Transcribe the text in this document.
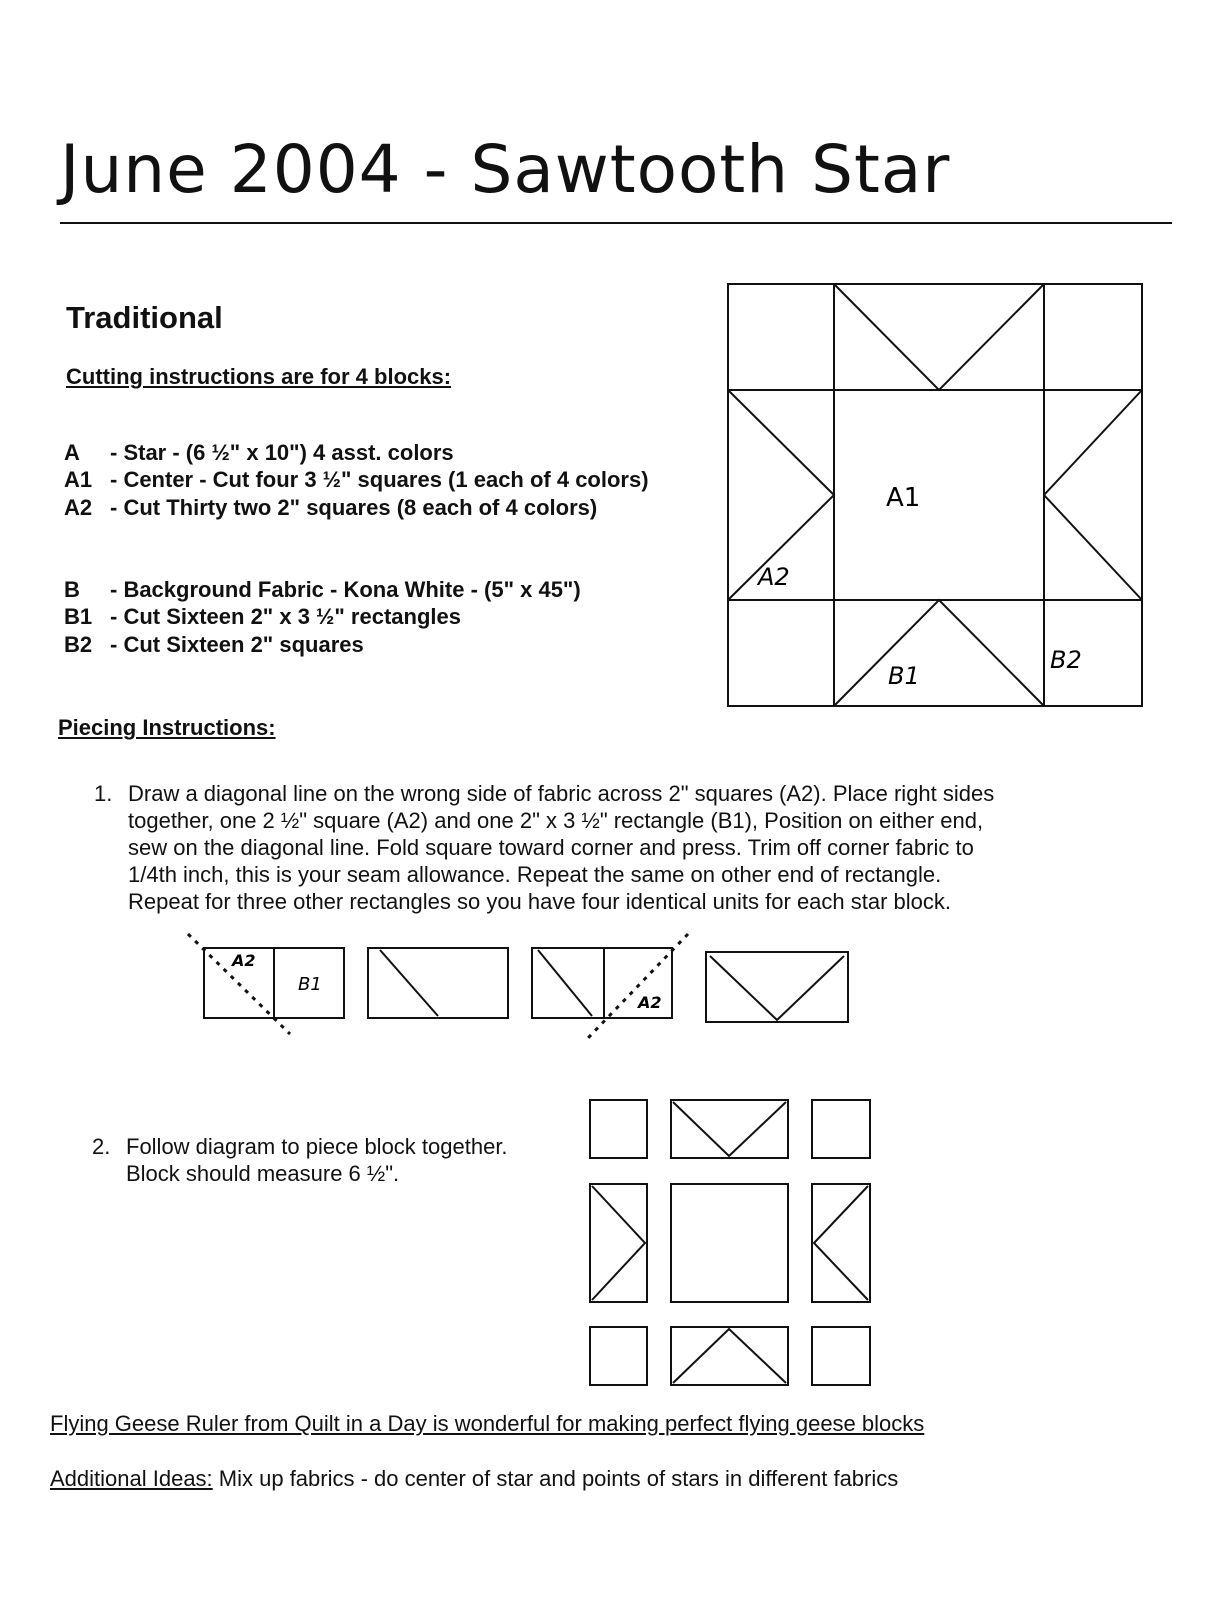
June 2004 - Sawtooth Star
Traditional
Cutting instructions are for 4 blocks:
A - Star - (6 ½" x 10") 4 asst. colors
A1 - Center - Cut four 3 ½" squares (1 each of 4 colors)
A2 - Cut Thirty two 2" squares (8 each of 4 colors)
B - Background Fabric - Kona White - (5" x 45")
B1 - Cut Sixteen 2" x 3 ½" rectangles
B2 - Cut Sixteen 2" squares
A1
A2
B1
B2
Piecing Instructions:
1. Draw a diagonal line on the wrong side of fabric across 2" squares (A2). Place right sides
together, one 2 ½" square (A2) and one 2" x 3 ½" rectangle (B1), Position on either end,
sew on the diagonal line. Fold square toward corner and press. Trim off corner fabric to
1/4th inch, this is your seam allowance. Repeat the same on other end of rectangle.
Repeat for three other rectangles so you have four identical units for each star block.
A2
B1
A2
2. Follow diagram to piece block together.
Block should measure 6 ½".
Flying Geese Ruler from Quilt in a Day is wonderful for making perfect flying geese blocks
Additional Ideas: Mix up fabrics - do center of star and points of stars in different fabrics
